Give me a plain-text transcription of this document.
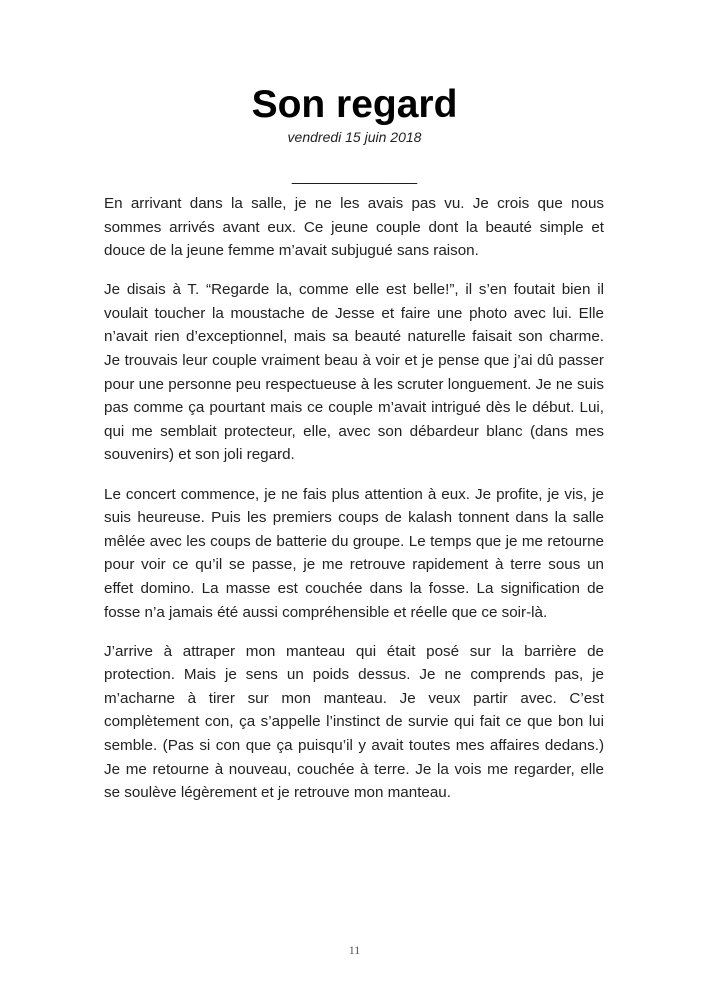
Son regard
vendredi 15 juin 2018
_______________

En arrivant dans la salle, je ne les avais pas vu. Je crois que nous sommes arrivés avant eux. Ce jeune couple dont la beauté simple et douce de la jeune femme m’avait subjugué sans raison.

Je disais à T. “Regarde la, comme elle est belle!”, il s’en foutait bien il voulait toucher la moustache de Jesse et faire une photo avec lui. Elle n’avait rien d’exceptionnel, mais sa beauté naturelle faisait son charme. Je trouvais leur couple vraiment beau à voir et je pense que j’ai dû passer pour une personne peu respectueuse à les scruter longuement. Je ne suis pas comme ça pourtant mais ce couple m’avait intrigué dès le début. Lui, qui me semblait protecteur, elle, avec son débardeur blanc (dans mes souvenirs) et son joli regard.

Le concert commence, je ne fais plus attention à eux. Je profite, je vis, je suis heureuse. Puis les premiers coups de kalash tonnent dans la salle mêlée avec les coups de batterie du groupe. Le temps que je me retourne pour voir ce qu’il se passe, je me retrouve rapidement à terre sous un effet domino. La masse est couchée dans la fosse. La signification de fosse n’a jamais été aussi compréhensible et réelle que ce soir-là.

J’arrive à attraper mon manteau qui était posé sur la barrière de protection. Mais je sens un poids dessus. Je ne comprends pas, je m’acharne à tirer sur mon manteau. Je veux partir avec. C’est complètement con, ça s’appelle l’instinct de survie qui fait ce que bon lui semble. (Pas si con que ça puisqu’il y avait toutes mes affaires dedans.) Je me retourne à nouveau, couchée à terre. Je la vois me regarder, elle se soulève légèrement et je retrouve mon manteau.

11
